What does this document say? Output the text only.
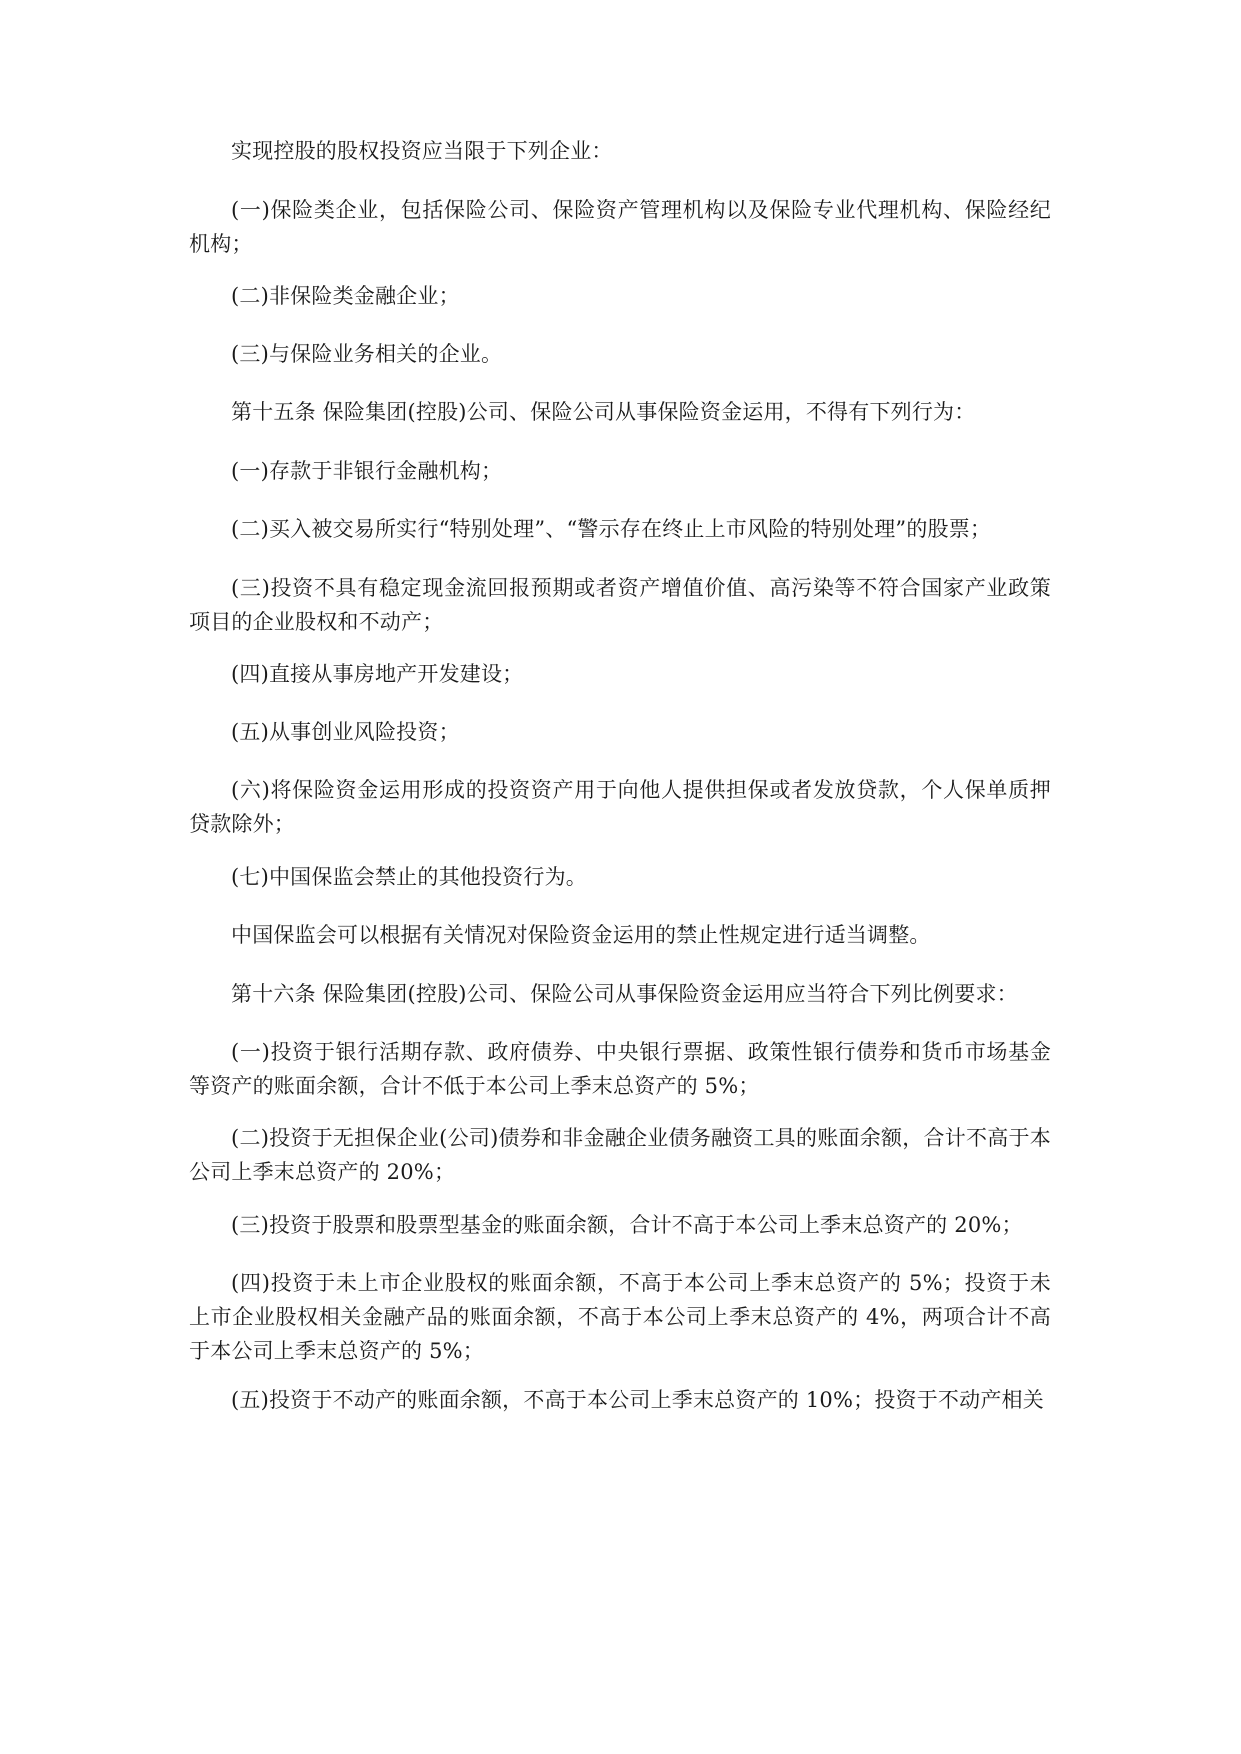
实现控股的股权投资应当限于下列企业：

(一)保险类企业，包括保险公司、保险资产管理机构以及保险专业代理机构、保险经纪机构；

(二)非保险类金融企业；

(三)与保险业务相关的企业。

第十五条 保险集团(控股)公司、保险公司从事保险资金运用，不得有下列行为：

(一)存款于非银行金融机构；

(二)买入被交易所实行“特别处理”、“警示存在终止上市风险的特别处理”的股票；

(三)投资不具有稳定现金流回报预期或者资产增值价值、高污染等不符合国家产业政策项目的企业股权和不动产；

(四)直接从事房地产开发建设；

(五)从事创业风险投资；

(六)将保险资金运用形成的投资资产用于向他人提供担保或者发放贷款，个人保单质押贷款除外；

(七)中国保监会禁止的其他投资行为。

中国保监会可以根据有关情况对保险资金运用的禁止性规定进行适当调整。

第十六条 保险集团(控股)公司、保险公司从事保险资金运用应当符合下列比例要求：

(一)投资于银行活期存款、政府债券、中央银行票据、政策性银行债券和货币市场基金等资产的账面余额，合计不低于本公司上季末总资产的 5%；

(二)投资于无担保企业(公司)债券和非金融企业债务融资工具的账面余额，合计不高于本公司上季末总资产的 20%；

(三)投资于股票和股票型基金的账面余额，合计不高于本公司上季末总资产的 20%；

(四)投资于未上市企业股权的账面余额，不高于本公司上季末总资产的 5%；投资于未上市企业股权相关金融产品的账面余额，不高于本公司上季末总资产的 4%，两项合计不高于本公司上季末总资产的 5%；

(五)投资于不动产的账面余额，不高于本公司上季末总资产的 10%；投资于不动产相关
